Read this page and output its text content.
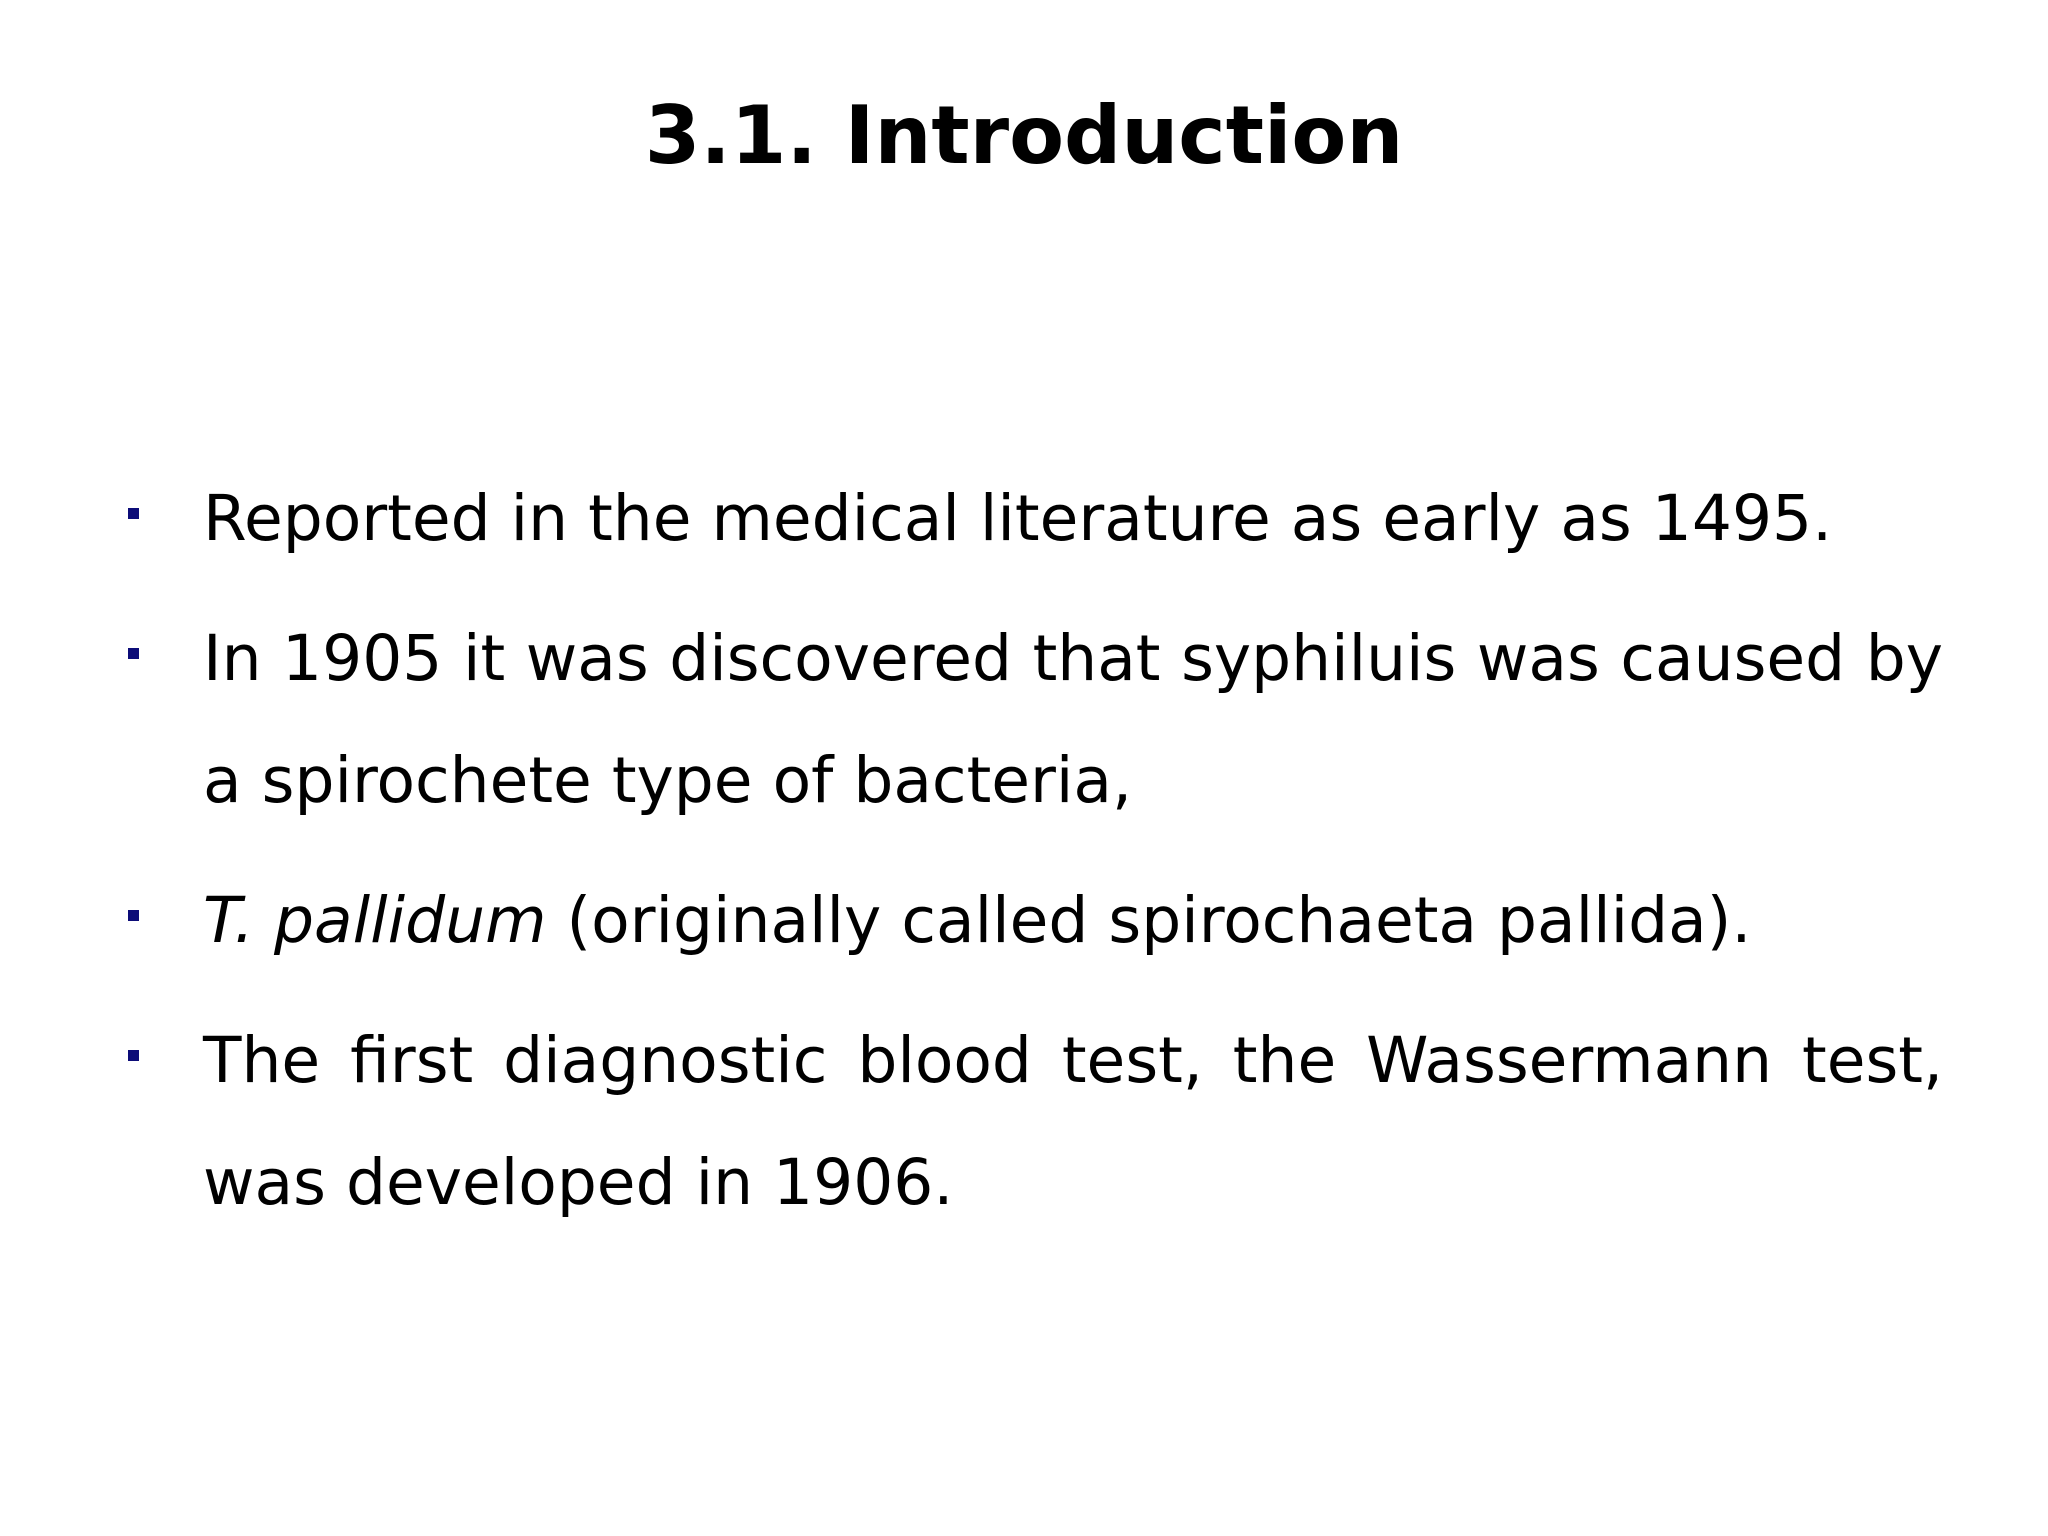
3.1. Introduction
Reported in the medical literature as early as 1495.
In 1905 it was discovered that syphiluis was caused by a spirochete type of bacteria,
T. pallidum (originally called spirochaeta pallida).
The first diagnostic blood test, the Wassermann test, was developed in 1906.
